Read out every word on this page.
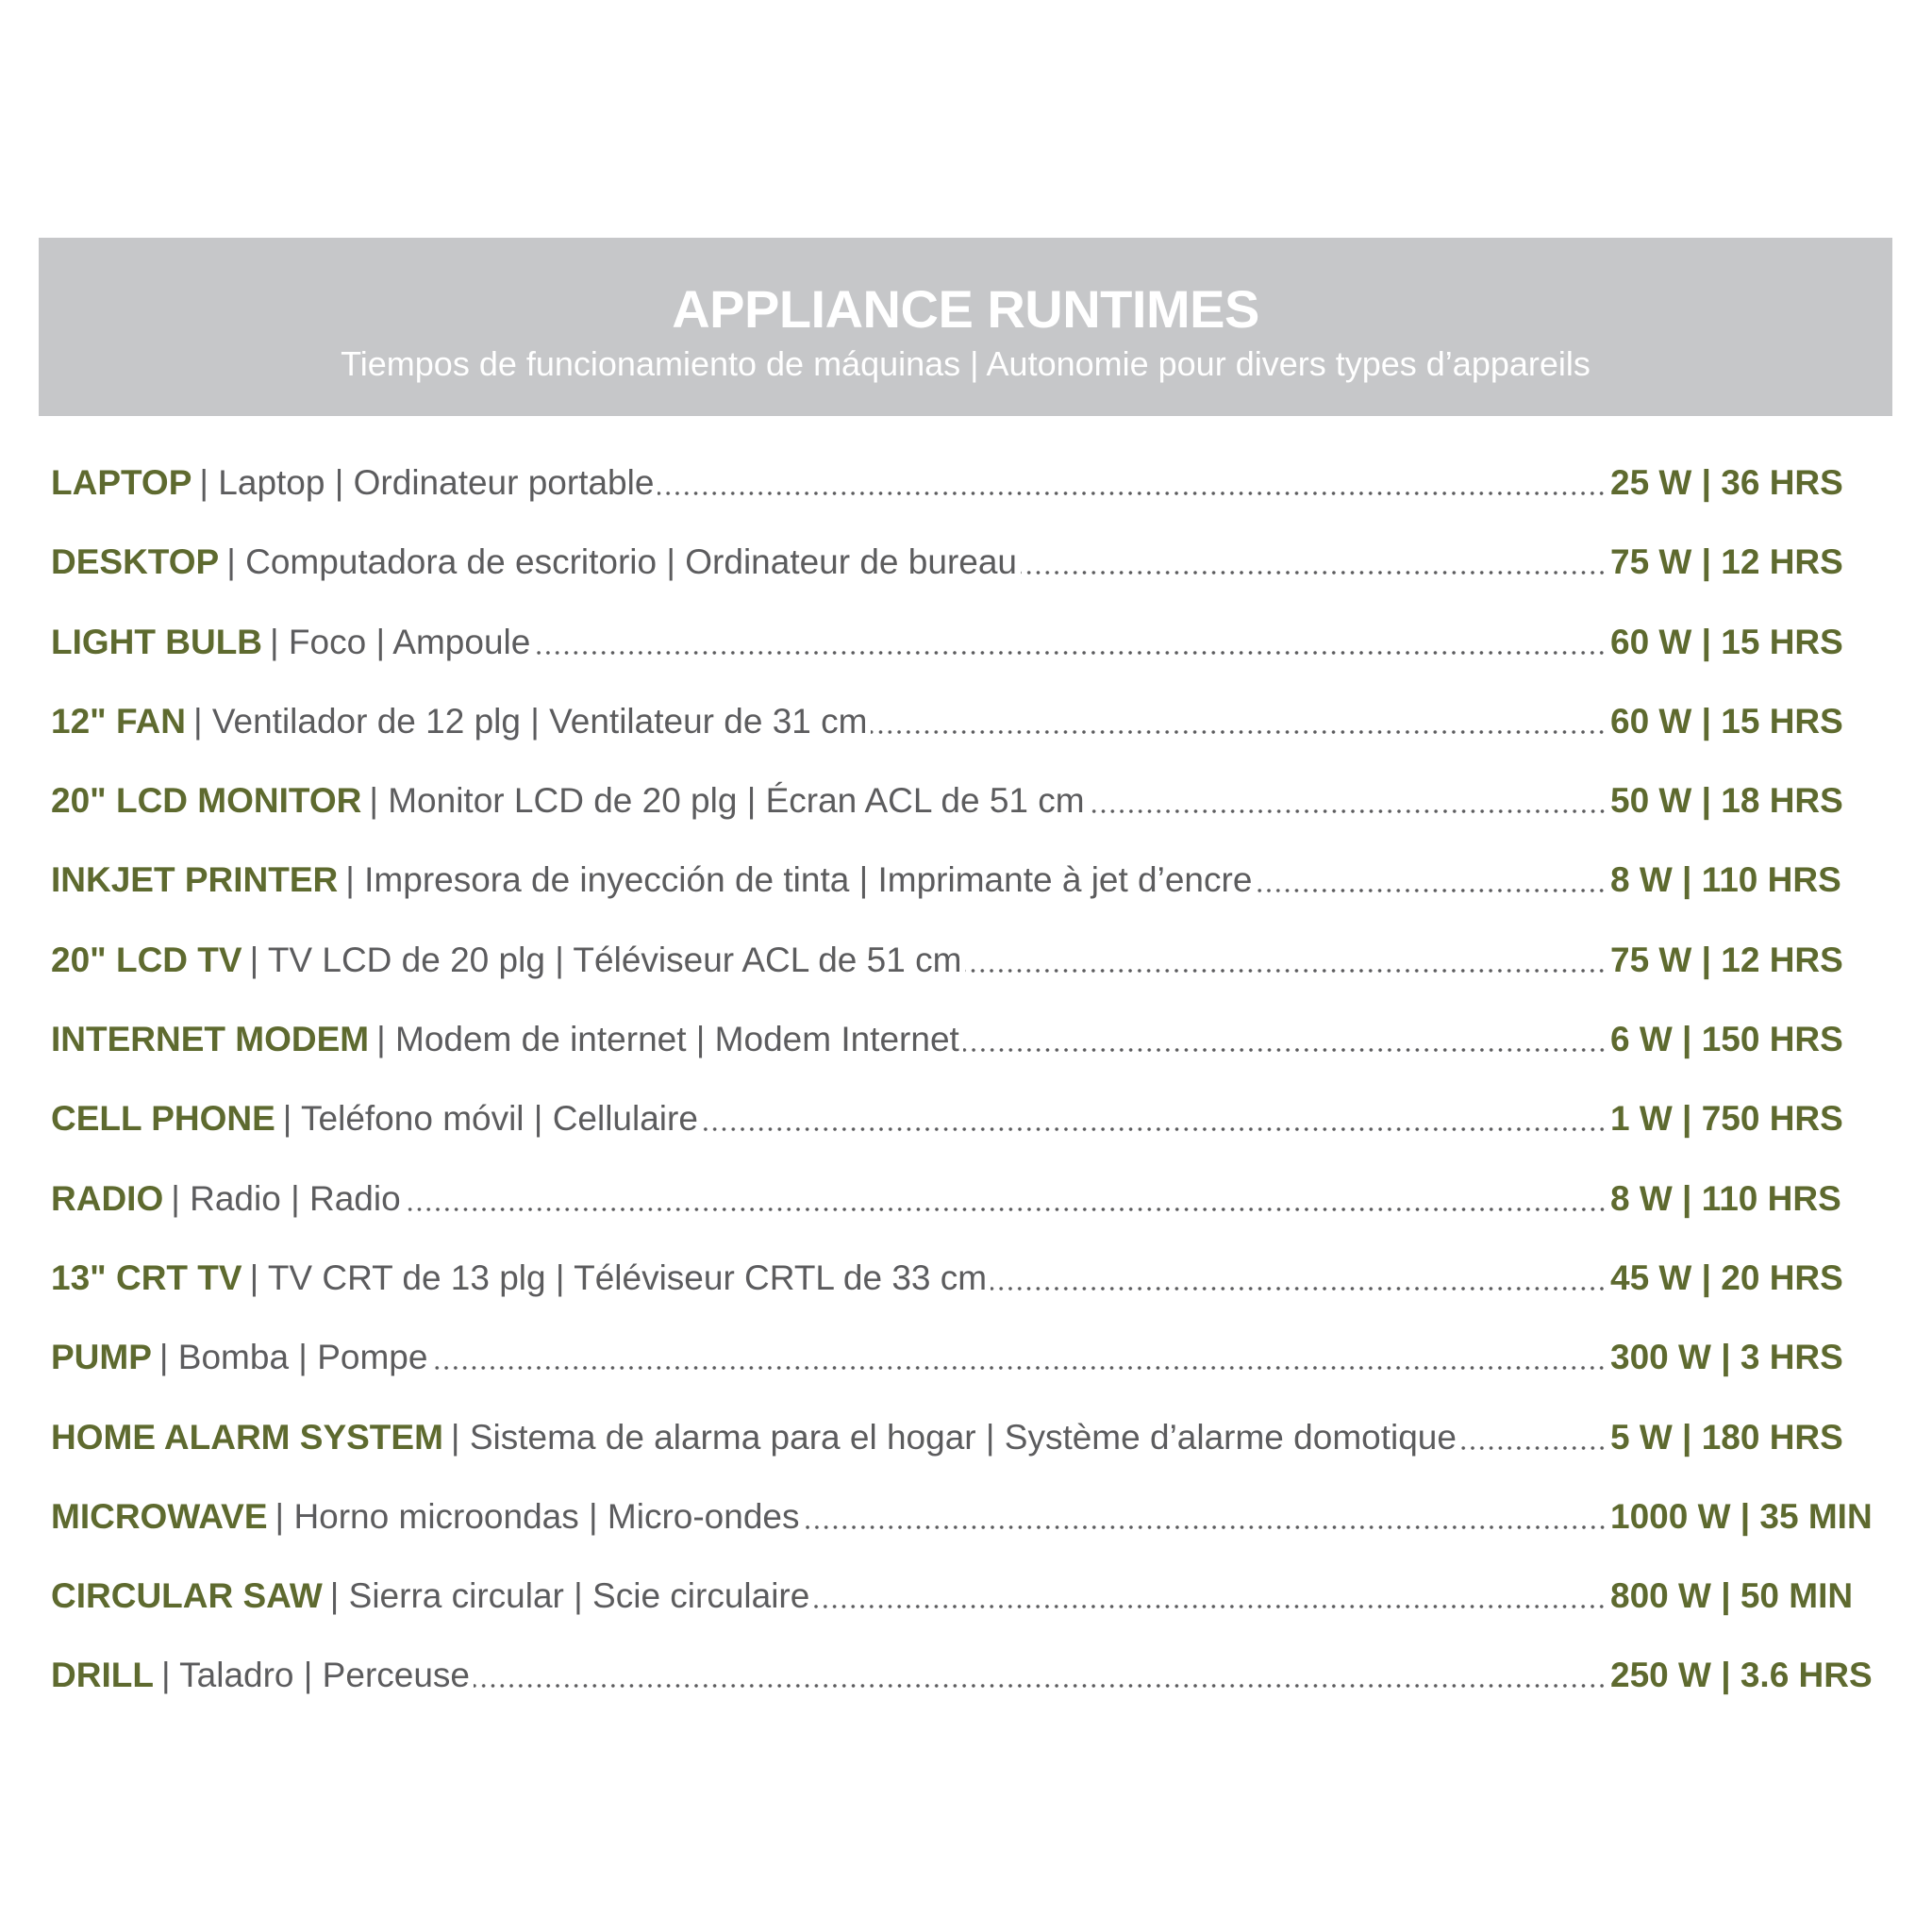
APPLIANCE RUNTIMES
Tiempos de funcionamiento de máquinas | Autonomie pour divers types d’appareils
LAPTOP | Laptop | Ordinateur portable	25 W | 36 HRS
DESKTOP | Computadora de escritorio | Ordinateur de bureau	75 W | 12 HRS
LIGHT BULB | Foco | Ampoule	60 W | 15 HRS
12" FAN | Ventilador de 12 plg | Ventilateur de 31 cm	60 W | 15 HRS
20" LCD MONITOR | Monitor LCD de 20 plg | Écran ACL de 51 cm	50 W | 18 HRS
INKJET PRINTER | Impresora de inyección de tinta | Imprimante à jet d’encre	8 W | 110 HRS
20" LCD TV | TV LCD de 20 plg | Téléviseur ACL de 51 cm	75 W | 12 HRS
INTERNET MODEM | Modem de internet | Modem Internet	6 W | 150 HRS
CELL PHONE | Teléfono móvil | Cellulaire	1 W | 750 HRS
RADIO | Radio | Radio	8 W | 110 HRS
13" CRT TV | TV CRT de 13 plg | Téléviseur CRTL de 33 cm	45 W | 20 HRS
PUMP | Bomba | Pompe	300 W | 3 HRS
HOME ALARM SYSTEM | Sistema de alarma para el hogar | Système d’alarme domotique	5 W | 180 HRS
MICROWAVE | Horno microondas | Micro-ondes	1000 W | 35 MIN
CIRCULAR SAW | Sierra circular | Scie circulaire	800 W | 50 MIN
DRILL | Taladro | Perceuse	250 W | 3.6 HRS
